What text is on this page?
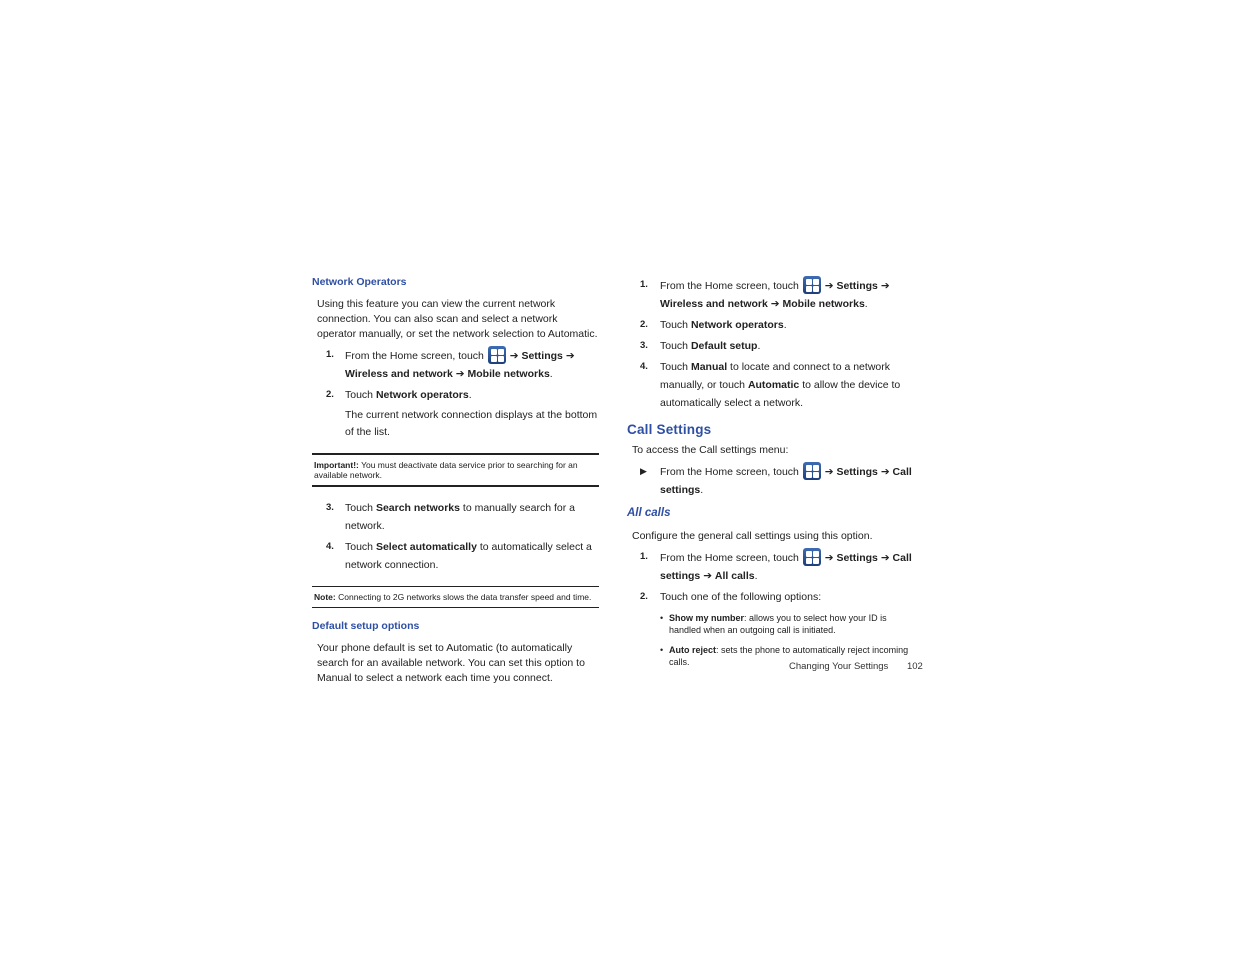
Network Operators

Using this feature you can view the current network connection. You can also scan and select a network operator manually, or set the network selection to Automatic.

1. From the Home screen, touch ➔ Settings ➔ Wireless and network ➔ Mobile networks.
2. Touch Network operators.
The current network connection displays at the bottom of the list.
Important!: You must deactivate data service prior to searching for an available network.
3. Touch Search networks to manually search for a network.
4. Touch Select automatically to automatically select a network connection.
Note: Connecting to 2G networks slows the data transfer speed and time.
Default setup options

Your phone default is set to Automatic (to automatically search for an available network. You can set this option to Manual to select a network each time you connect.

1. From the Home screen, touch ➔ Settings ➔ Wireless and network ➔ Mobile networks.
2. Touch Network operators.
3. Touch Default setup.
4. Touch Manual to locate and connect to a network manually, or touch Automatic to allow the device to automatically select a network.
Call Settings

To access the Call settings menu:

▶ From the Home screen, touch ➔ Settings ➔ Call settings.
All calls

Configure the general call settings using this option.

1. From the Home screen, touch ➔ Settings ➔ Call settings ➔ All calls.
2. Touch one of the following options:
• Show my number: allows you to select how your ID is handled when an outgoing call is initiated.
• Auto reject: sets the phone to automatically reject incoming calls.	Changing Your Settings 102
